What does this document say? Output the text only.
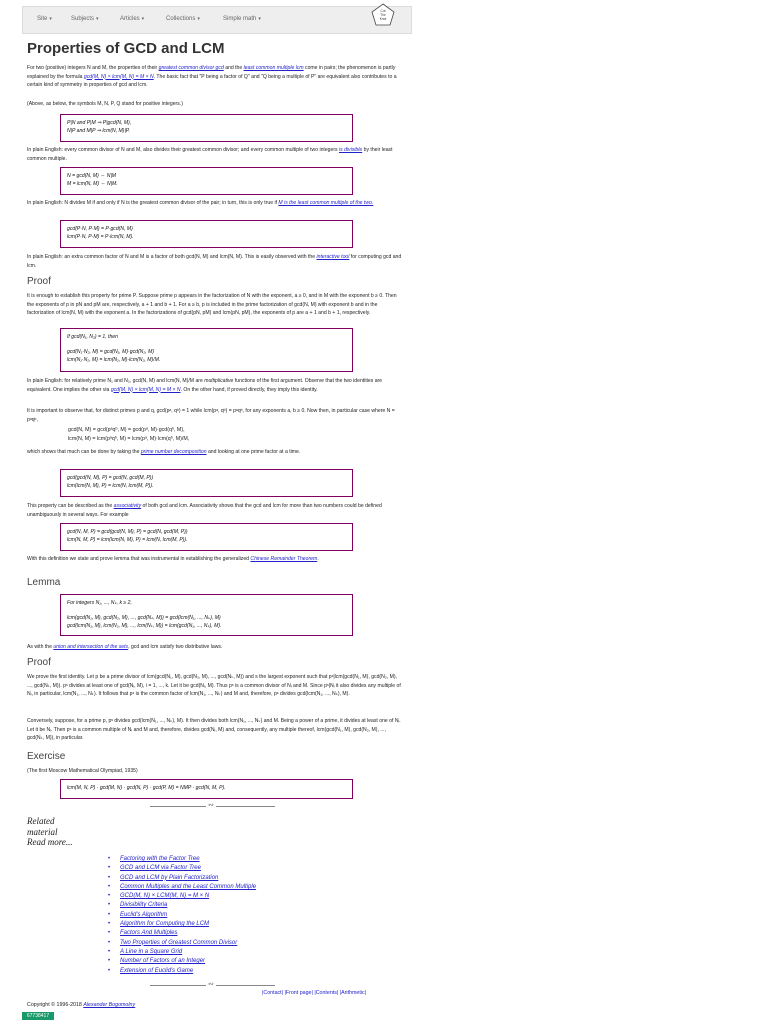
Site ▾	Subjects ▾	Articles ▾	Collections ▾	Simple math ▾
Cut
The
Knot
Properties of GCD and LCM
For two (positive) integers N and M, the properties of their greatest common divisor gcd and the least common multiple lcm come in pairs; the phenomenon is partly explained by the formula gcd(M, N) × lcm(M, N) = M × N. The basic fact that "P being a factor of Q" and "Q being a multiple of P" are equivalent also contributes to a certain kind of symmetry in properties of gcd and lcm.
(Above, as below, the symbols M, N, P, Q stand for positive integers.)
P|N and P|M ⇒ P|gcd(N, M),
N|P and M|P ⇒ lcm(N, M)|P.
In plain English: every common divisor of N and M, also divides their greatest common divisor; and every common multiple of two integers is divisible by their least common multiple.
N = gcd(N, M) ⇔ N|M
M = lcm(N, M) ⇔ N|M.
In plain English: N divides M if and only if N is the greatest common divisor of the pair; in turn, this is only true if M is the least common multiple of the two.
gcd(P·N, P·M) = P·gcd(N, M)
lcm(P·N, P·M) = P·lcm(N, M).
In plain English: an extra common factor of N and M is a factor of both gcd(N, M) and lcm(N, M). This is easily observed with the interactive tool for computing gcd and lcm.
Proof
It is enough to establish this property for prime P. Suppose prime p appears in the factorization of N with the exponent, a ≥ 0, and in M with the exponent b ≥ 0. Then the exponents of p in pN and pM are, respectively, a + 1 and b + 1. For a ≥ b, p is included in the prime factorization of gcd(N, M) with exponent b and in the factorization of lcm(N, M) with the exponent a. In the factorizations of gcd(pN, pM) and lcm(pN, pM), the exponents of p are a + 1 and b + 1, respectively.
If gcd(N₁, N₂) = 1, then
gcd(N₁·N₂, M) = gcd(N₁, M)·gcd(N₂, M)
lcm(N₁·N₂, M) = lcm(N₁, M)·lcm(N₂, M)/M.
In plain English: for relatively prime N₁ and N₂, gcd(N, M) and lcm(N, M)/M are multiplicative functions of the first argument. Observe that the two identities are equivalent. One implies the other via gcd(M, N) × lcm(M, N) = M × N. On the other hand, if proved directly, they imply this identity.
It is important to observe that, for distinct primes p and q, gcd(pᵃ, qᵇ) = 1 while lcm(pᵃ, qᵇ) = pᵃqᵇ, for any exponents a, b ≥ 0. Now then, in particular case where N = pᵃqᵇ,
gcd(N, M) = gcd(pᵃqᵇ, M) = gcd(pᵃ, M)·gcd(qᵇ, M),
lcm(N, M) = lcm(pᵃqᵇ, M) = lcm(pᵃ, M)·lcm(qᵇ, M)/M,
which shows that much can be done by taking the prime number decomposition and looking at one prime factor at a time.
gcd(gcd(N, M), P) = gcd(N, gcd(M, P))
lcm(lcm(N, M), P) = lcm(N, lcm(M, P)).
This property can be described as the associativity of both gcd and lcm. Associativity shows that the gcd and lcm for more than two numbers could be defined unambiguously in several ways. For example
gcd(N, M, P) = gcd(gcd(N, M), P) = gcd(N, gcd(M, P))
lcm(N, M, P) = lcm(lcm(N, M), P) = lcm(N, lcm(M, P)).
With this definition we state and prove lemma that was instrumental in establishing the generalized Chinese Remainder Theorem.
Lemma
For integers N₁, ..., Nₖ, k ≥ 2,
lcm(gcd(N₁, M), gcd(N₂, M), ..., gcd(Nₖ, M)) = gcd(lcm(N₁, ..., Nₖ), M)
gcd(lcm(N₁, M), lcm(N₂, M), ..., lcm(Nₖ, M)) = lcm(gcd(N₁, ..., Nₖ), M).
As with the union and intersection of the sets, gcd and lcm satisfy two distributive laws.
Proof
We prove the first identity. Let p be a prime divisor of lcm(gcd(N₁, M), gcd(N₂, M), ..., gcd(Nₖ, M)) and s the largest exponent such that pˢ|lcm(gcd(N₁, M), gcd(N₂, M), ..., gcd(Nₖ, M)). pˢ divides at least one of gcd(Nᵢ, M), i = 1, ..., k. Let it be gcd(Nᵢ, M). Thus pˢ is a common divisor of Nᵢ and M. Since pˢ|Nᵢ it also divides any multiple of Nᵢ, in particular, lcm(N₁, ..., Nₖ). It follows that pˢ is the common factor of lcm(N₁, ..., Nₖ) and M and, therefore, pˢ divides gcd(lcm(N₁, ..., Nₖ), M).
Conversely, suppose, for a prime p, pˢ divides gcd(lcm(N₁, ..., Nₖ), M). It then divides both lcm(N₁, ..., Nₖ) and M. Being a power of a prime, it divides at least one of Nᵢ. Let it be Nᵢ. Then pˢ is a common multiple of Nᵢ and M and, therefore, divides gcd(Nᵢ, M) and, consequently, any multiple thereof, lcm(gcd(N₁, M), gcd(N₂, M), ..., gcd(Nₖ, M)), in particular.
Exercise
(The first Moscow Mathematical Olympiad, 1935)
lcm(M, N, P) · gcd(M, N) · gcd(N, P) · gcd(P, M) = NMP · gcd(N, M, P).
∾
Related
material
Read more...
• Factoring with the Factor Tree
• GCD and LCM via Factor Tree
• GCD and LCM by Plain Factorization
• Common Multiples and the Least Common Multiple
• GCD(M, N) × LCM(M, N) = M × N
• Divisibility Criteria
• Euclid's Algorithm
• Algorithm for Computing the LCM
• Factors And Multiples
• Two Properties of Greatest Common Divisor
• A Line in a Square Grid
• Number of Factors of an Integer
• Extension of Euclid's Game
∾
|Contact| |Front page| |Contents| |Arithmetic|
Copyright © 1996-2018 Alexander Bogomolny
67738417
